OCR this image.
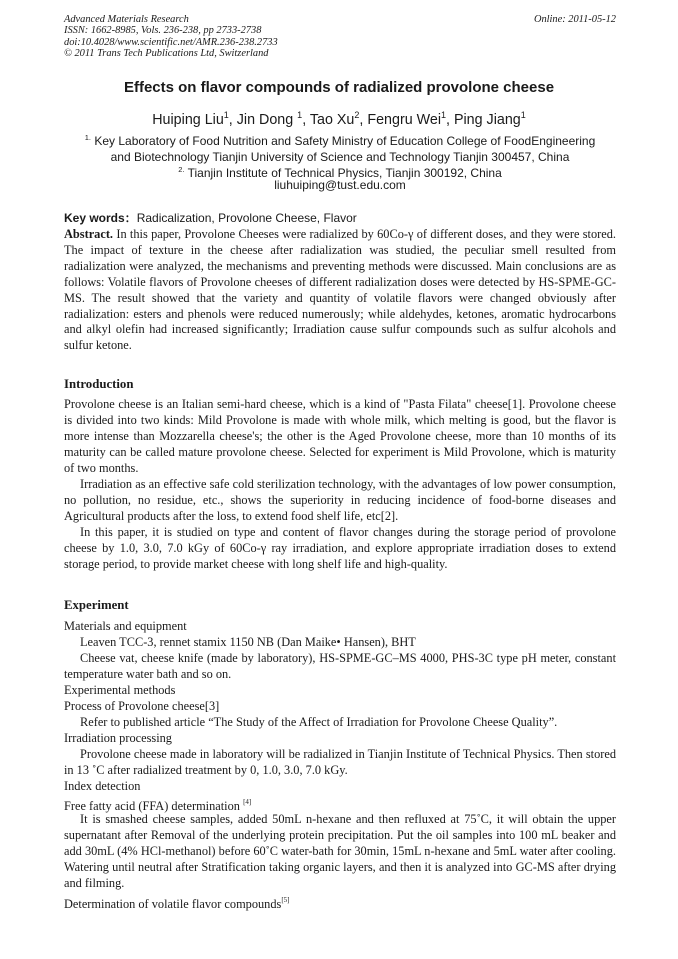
Advanced Materials Research
ISSN: 1662-8985, Vols. 236-238, pp 2733-2738
doi:10.4028/www.scientific.net/AMR.236-238.2733
© 2011 Trans Tech Publications Ltd, Switzerland
Online: 2011-05-12
Effects on flavor compounds of radialized provolone cheese
Huiping Liu$^1$, Jin Dong $^1$, Tao Xu$^2$, Fengru Wei$^1$, Ping Jiang$^1$
$^{1.}$ Key Laboratory of Food Nutrition and Safety Ministry of Education College of FoodEngineering
and Biotechnology Tianjin University of Science and Technology Tianjin 300457, China
$^{2.}$ Tianjin Institute of Technical Physics, Tianjin 300192, China
liuhuiping@tust.edu.com
Key words：Radicalization, Provolone Cheese, Flavor
Abstract. In this paper, Provolone Cheeses were radialized by 60Co-γ of different doses, and they were stored. The impact of texture in the cheese after radialization was studied, the peculiar smell resulted from radialization were analyzed, the mechanisms and preventing methods were discussed. Main conclusions are as follows: Volatile flavors of Provolone cheeses of different radialization doses were detected by HS-SPME-GC-MS. The result showed that the variety and quantity of volatile flavors were changed obviously after radialization: esters and phenols were reduced numerously; while aldehydes, ketones, aromatic hydrocarbons and alkyl olefin had increased significantly; Irradiation cause sulfur compounds such as sulfur alcohols and sulfur ketone.
Introduction
Provolone cheese is an Italian semi-hard cheese, which is a kind of "Pasta Filata" cheese[1]. Provolone cheese is divided into two kinds: Mild Provolone is made with whole milk, which melting is good, but the flavor is more intense than Mozzarella cheese's; the other is the Aged Provolone cheese, more than 10 months of its maturity can be called mature provolone cheese. Selected for experiment is Mild Provolone, which is maturity of two months.
Irradiation as an effective safe cold sterilization technology, with the advantages of low power consumption, no pollution, no residue, etc., shows the superiority in reducing incidence of food-borne diseases and Agricultural products after the loss, to extend food shelf life, etc[2].
In this paper, it is studied on type and content of flavor changes during the storage period of provolone cheese by 1.0, 3.0, 7.0 kGy of 60Co-γ ray irradiation, and explore appropriate irradiation doses to extend storage period, to provide market cheese with long shelf life and high-quality.
Experiment
Materials and equipment
Leaven TCC-3, rennet stamix 1150 NB (Dan Maike• Hansen), BHT
Cheese vat, cheese knife (made by laboratory), HS-SPME-GC–MS 4000, PHS-3C type pH meter, constant temperature water bath and so on.
Experimental methods
Process of Provolone cheese[3]
Refer to published article “The Study of the Affect of Irradiation for Provolone Cheese Quality”.
Irradiation processing
Provolone cheese made in laboratory will be radialized in Tianjin Institute of Technical Physics. Then stored in 13 ˚C after radialized treatment by 0, 1.0, 3.0, 7.0 kGy.
Index detection
Free fatty acid (FFA) determination [4]
It is smashed cheese samples, added 50mL n-hexane and then refluxed at 75˚C, it will obtain the upper supernatant after Removal of the underlying protein precipitation. Put the oil samples into 100 mL beaker and add 30mL (4% HCl-methanol) before 60˚C water-bath for 30min, 15mL n-hexane and 5mL water after cooling. Watering until neutral after Stratification taking organic layers, and then it is analyzed into GC-MS after drying and filming.
Determination of volatile flavor compounds[5]
